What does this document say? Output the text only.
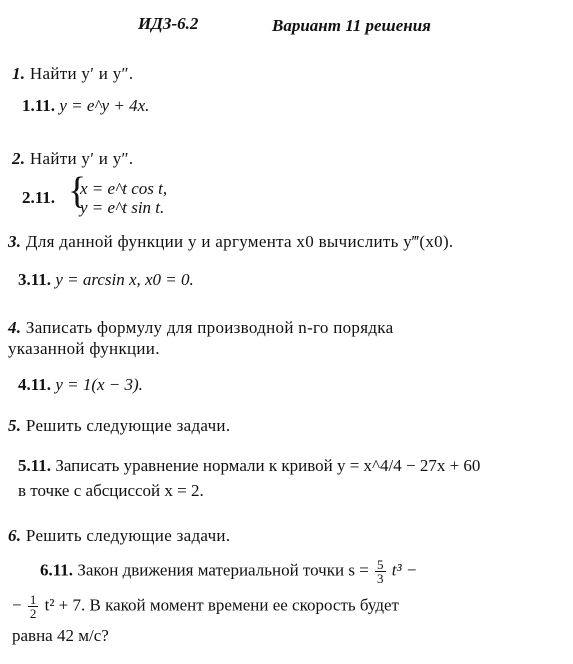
ИДЗ-6.2	Вариант 11 решения
1. Найти y′ и y″.
1.11. y = e^y + 4x.
2. Найти y′ и y″.
2.11. {
x = e^t cos t,
y = e^t sin t.
3. Для данной функции y и аргумента x0 вычислить y‴(x0).
3.11. y = arcsin x, x0 = 0.
4. Записать формулу для производной n-го порядка
указанной функции.
4.11. y = 1(x − 3).
5. Решить следующие задачи.
5.11. Записать уравнение нормали к кривой y = x^4/4 − 27x + 60
в точке с абсциссой x = 2.
6. Решить следующие задачи.
6.11. Закон движения материальной точки $s = \frac{5}{3} t^3$ −
− $\frac{1}{2} t^2 + 7$. В какой момент времени ее скорость будет
равна 42 м/с?
